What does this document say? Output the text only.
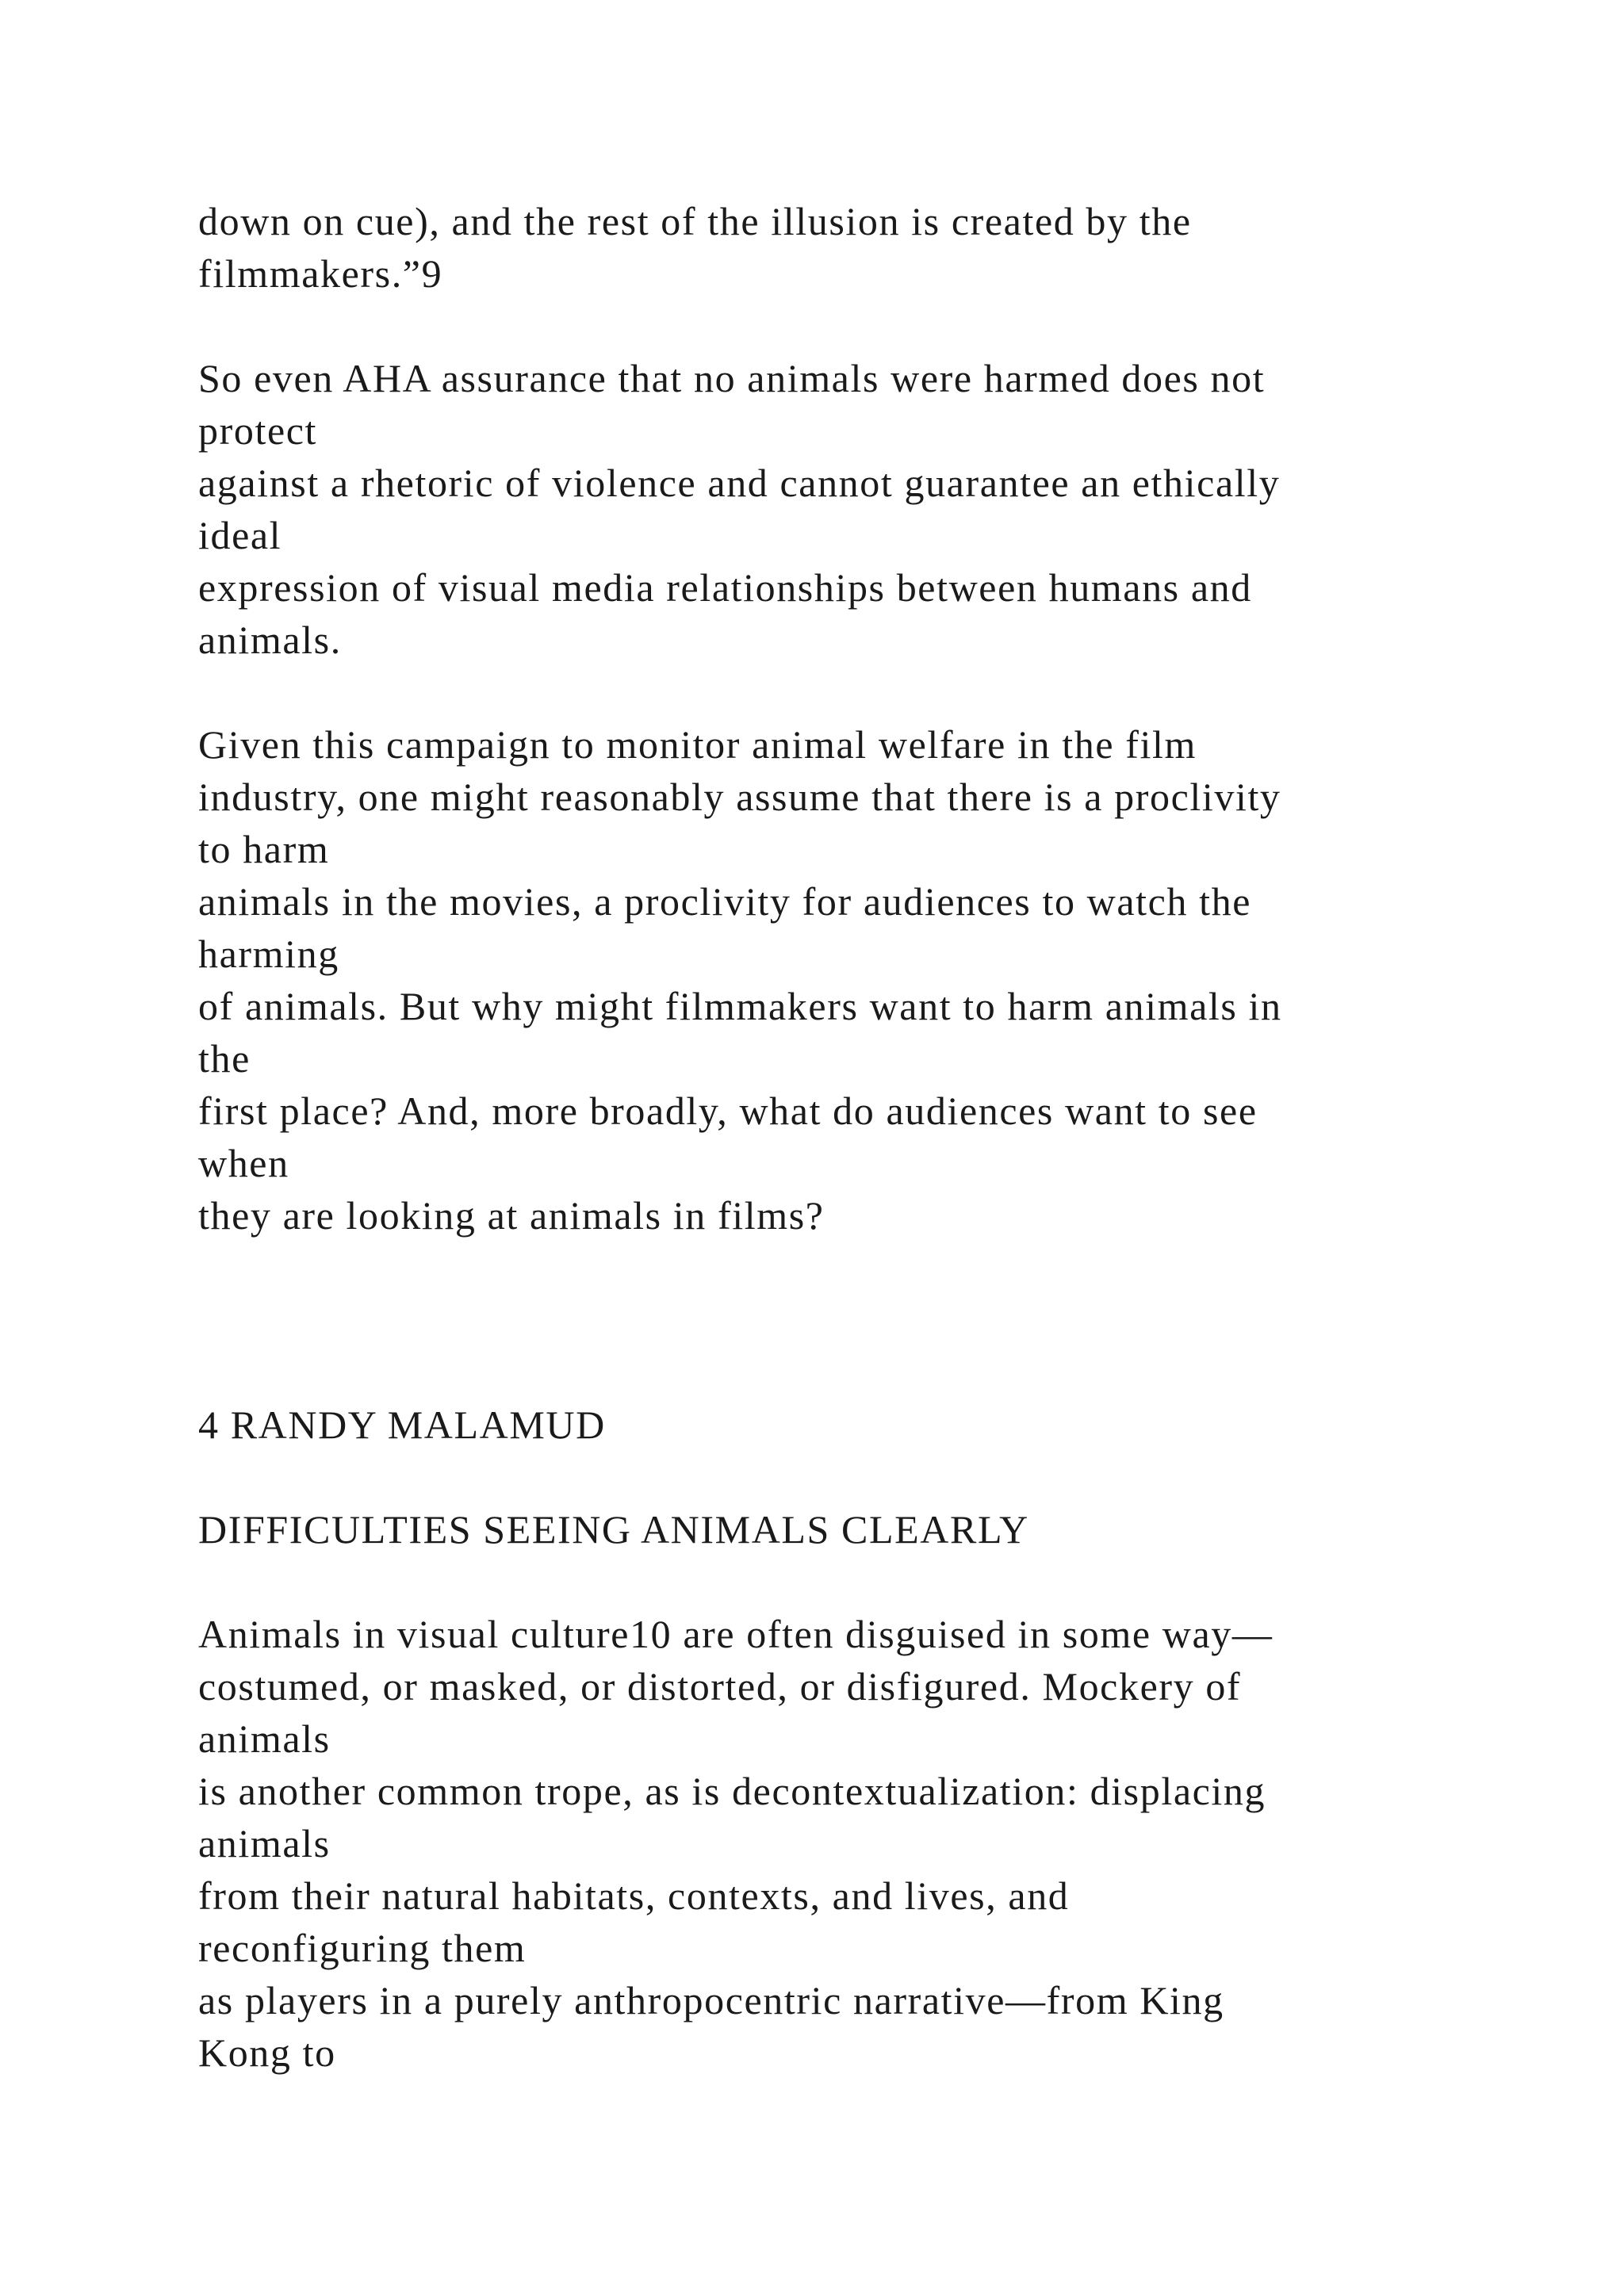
down on cue), and the rest of the illusion is created by the
filmmakers.”9
So even AHA assurance that no animals were harmed does not
protect
against a rhetoric of violence and cannot guarantee an ethically
ideal
expression of visual media relationships between humans and
animals.
Given this campaign to monitor animal welfare in the film
industry, one might reasonably assume that there is a proclivity
to harm
animals in the movies, a proclivity for audiences to watch the
harming
of animals. But why might filmmakers want to harm animals in
the
first place? And, more broadly, what do audiences want to see
when
they are looking at animals in films?
4 RANDY MALAMUD
DIFFICULTIES SEEING ANIMALS CLEARLY
Animals in visual culture10 are often disguised in some way—
costumed, or masked, or distorted, or disfigured. Mockery of
animals
is another common trope, as is decontextualization: displacing
animals
from their natural habitats, contexts, and lives, and
reconfiguring them
as players in a purely anthropocentric narrative—from King
Kong to
